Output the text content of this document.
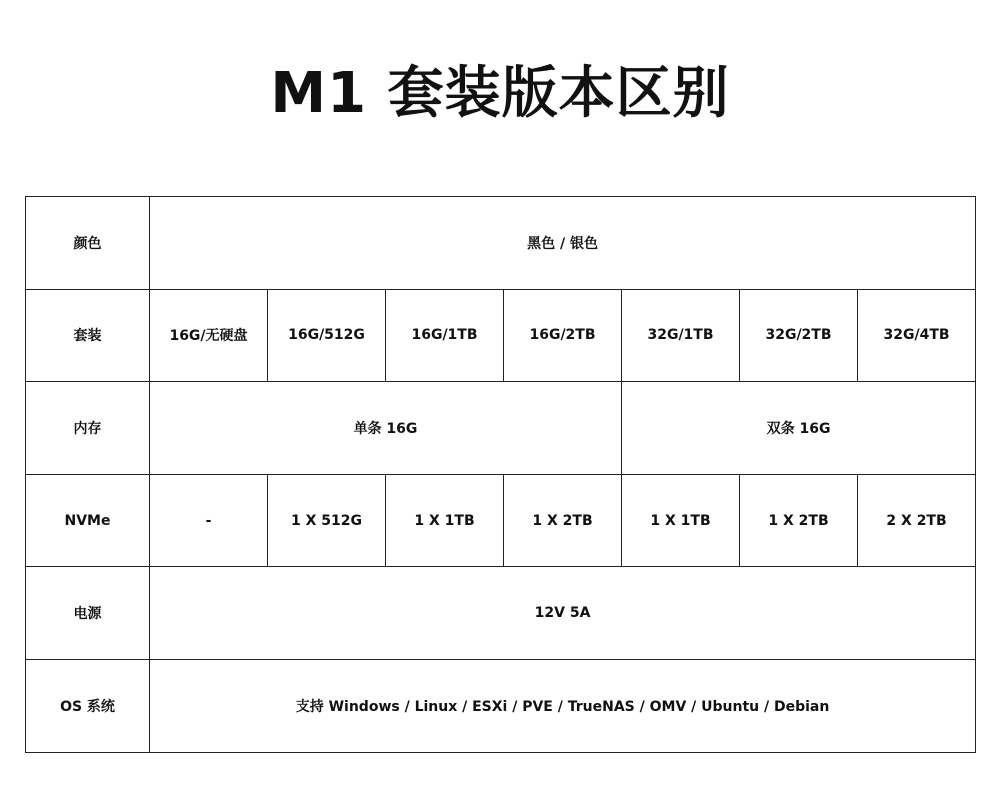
M1 套装版本区别
颜色	黑色 / 银色						
套装	16G/无硬盘	16G/512G	16G/1TB	16G/2TB	32G/1TB	32G/2TB	32G/4TB
内存	单条 16G				双条 16G		
NVMe	-	1 X 512G	1 X 1TB	1 X 2TB	1 X 1TB	1 X 2TB	2 X 2TB
电源	12V 5A						
OS 系统	支持 Windows / Linux / ESXi / PVE / TrueNAS / OMV / Ubuntu / Debian						
